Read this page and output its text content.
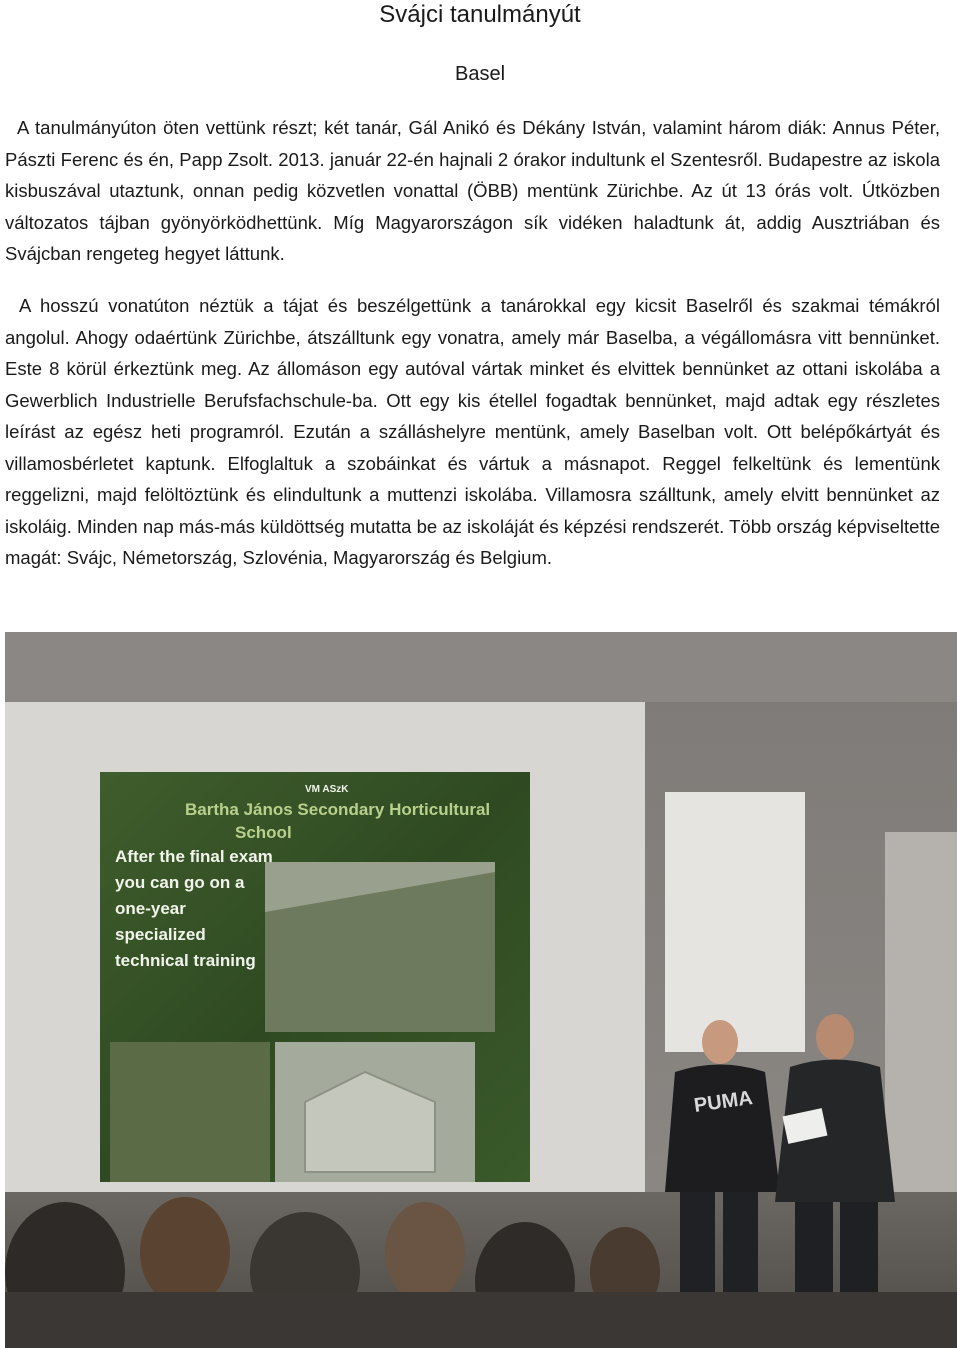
Svájci tanulmányút
Basel

A tanulmányúton öten vettünk részt; két tanár, Gál Anikó és Dékány István, valamint három diák: Annus Péter, Pászti Ferenc és én, Papp Zsolt. 2013. január 22-én hajnali 2 órakor indultunk el Szentesről. Budapestre az iskola kisbuszával utaztunk, onnan pedig közvetlen vonattal (ÖBB) mentünk Zürichbe. Az út 13 órás volt. Útközben változatos tájban gyönyörködhettünk. Míg Magyarországon sík vidéken haladtunk át, addig Ausztriában és Svájcban rengeteg hegyet láttunk.

A hosszú vonatúton néztük a tájat és beszélgettünk a tanárokkal egy kicsit Baselről és szakmai témákról angolul. Ahogy odaértünk Zürichbe, átszálltunk egy vonatra, amely már Baselba, a végállomásra vitt bennünket. Este 8 körül érkeztünk meg. Az állomáson egy autóval vártak minket és elvittek bennünket az ottani iskolába a Gewerblich Industrielle Berufsfachschule-ba. Ott egy kis étellel fogadtak bennünket, majd adtak egy részletes leírást az egész heti programról. Ezután a szálláshelyre mentünk, amely Baselban volt. Ott belépőkártyát és villamosbérletet kaptunk. Elfoglaltuk a szobáinkat és vártuk a másnapot. Reggel felkeltünk és lementünk reggelizni, majd felöltöztünk és elindultunk a muttenzi iskolába. Villamosra szálltunk, amely elvitt bennünket az iskoláig. Minden nap más-más küldöttség mutatta be az iskoláját és képzési rendszerét. Több ország képviseltette magát: Svájc, Németország, Szlovénia, Magyarország és Belgium.

VM ASzK
Bartha János Secondary Horticultural
School
After the final exam
you can go on a
one-year
specialized
technical training
PUMA
